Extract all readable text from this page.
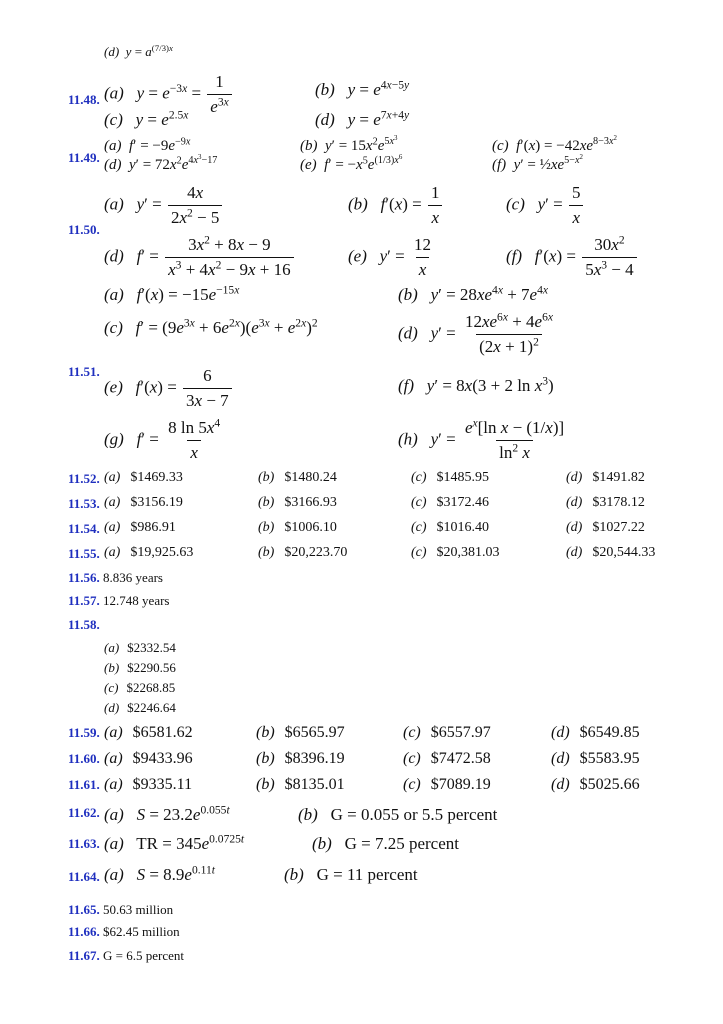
(d) $y = a^{(7/3)x}$
11.48. (a) $y = e^{-3x} = \frac{1}{e^{3x}}$	(b) $y = e^{4x-5y}$
(c) $y = e^{2.5x}$	(d) $y = e^{7x+4y}$
11.49.
(a) $f' = -9e^{-9x}$	(b) $y' = 15x^2e^{5x^3}$	(c) $f'(x) = -42xe^{8-3x^2}$
(d) $y' = 72x^2e^{4x^3-17}$	(e) $f' = -x^5e^{(1/3)x^6}$	(f) $y' = \frac{1}{2}xe^{5-x^2}$
11.50.
(a) $y' = \frac{4x}{2x^2 - 5}$	(b) $f'(x) = \frac{1}{x}$	(c) $y' = \frac{5}{x}$
(d) $f' = \frac{3x^2 + 8x - 9}{x^3 + 4x^2 - 9x + 16}$	(e) $y' = \frac{12}{x}$	(f) $f'(x) = \frac{30x^2}{5x^3 - 4}$
11.51.
(a) $f'(x) = -15e^{-15x}$	(b) $y' = 28xe^{4x} + 7e^{4x}$
(c) $f' = (9e^{3x} + 6e^{2x})(e^{3x} + e^{2x})^2$
(d) $y' = \frac{12xe^{6x} + 4e^{6x}}{(2x + 1)^2}$
(e) $f'(x) = \frac{6}{3x - 7}$	(f) y′ = 8x(3 + 2 $\ln x^3$)
(g) $f' = \frac{8 \ln 5x^4}{x}$	(h) $y' = \frac{e^x[\ln x - (1/x)]}{\ln^2 x}$
11.52. (a) $1469.33	(b) $1480.24	(c) $1485.95	(d) $1491.82
11.53. (a) $3156.19	(b) $3166.93	(c) $3172.46	(d) $3178.12
11.54. (a) $986.91	(b) $1006.10	(c) $1016.40	(d) $1027.22
11.55. (a) $19,925.63	(b) $20,223.70	(c) $20,381.03	(d) $20,544.33
11.56. 8.836 years
11.57. 12.748 years
11.58.
(a) $2332.54
(b) $2290.56
(c) $2268.85
(d) $2246.64
11.59. (a) $6581.62	(b) $6565.97	(c) $6557.97	(d) $6549.85
11.60. (a) $9433.96	(b) $8396.19	(c) $7472.58	(d) $5583.95
11.61. (a) $9335.11	(b) $8135.01	(c) $7089.19	(d) $5025.66
11.62. (a) $S = 23.2e^{0.055t}$	(b) G = 0.055 or 5.5 percent
11.63. (a)   TR = $345e^{0.0725t}$	(b) G = 7.25 percent
11.64. (a) $S = 8.9e^{0.11t}$	(b) G = 11 percent
11.65. 50.63 million
11.66. $62.45 million
11.67. G = 6.5 percent
